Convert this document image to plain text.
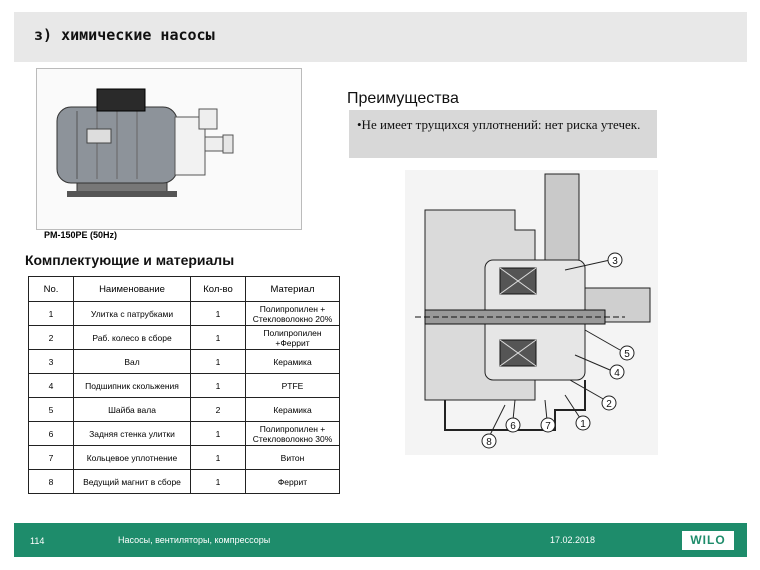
з) химические насосы
PM-150PE (50Hz)
Комплектующие и материалы
No.	Наименование	Кол-во	Материал
1	Улитка с патрубками	1	Полипропилен + Стекловолокно 20%
2	Раб. колесо в сборе	1	Полипропилен +Феррит
3	Вал	1	Керамика
4	Подшипник скольжения	1	PTFE
5	Шайба вала	2	Керамика
6	Задняя стенка улитки	1	Полипропилен + Стекловолокно 30%
7	Кольцевое уплотнение	1	Витон
8	Ведущий магнит в сборе	1	Феррит
Преимущества
•Не имеет трущихся уплотнений: нет риска утечек.
3
5
4
2
1
7
6
8
114	Насосы, вентиляторы, компрессоры	17.02.2018	WILO
